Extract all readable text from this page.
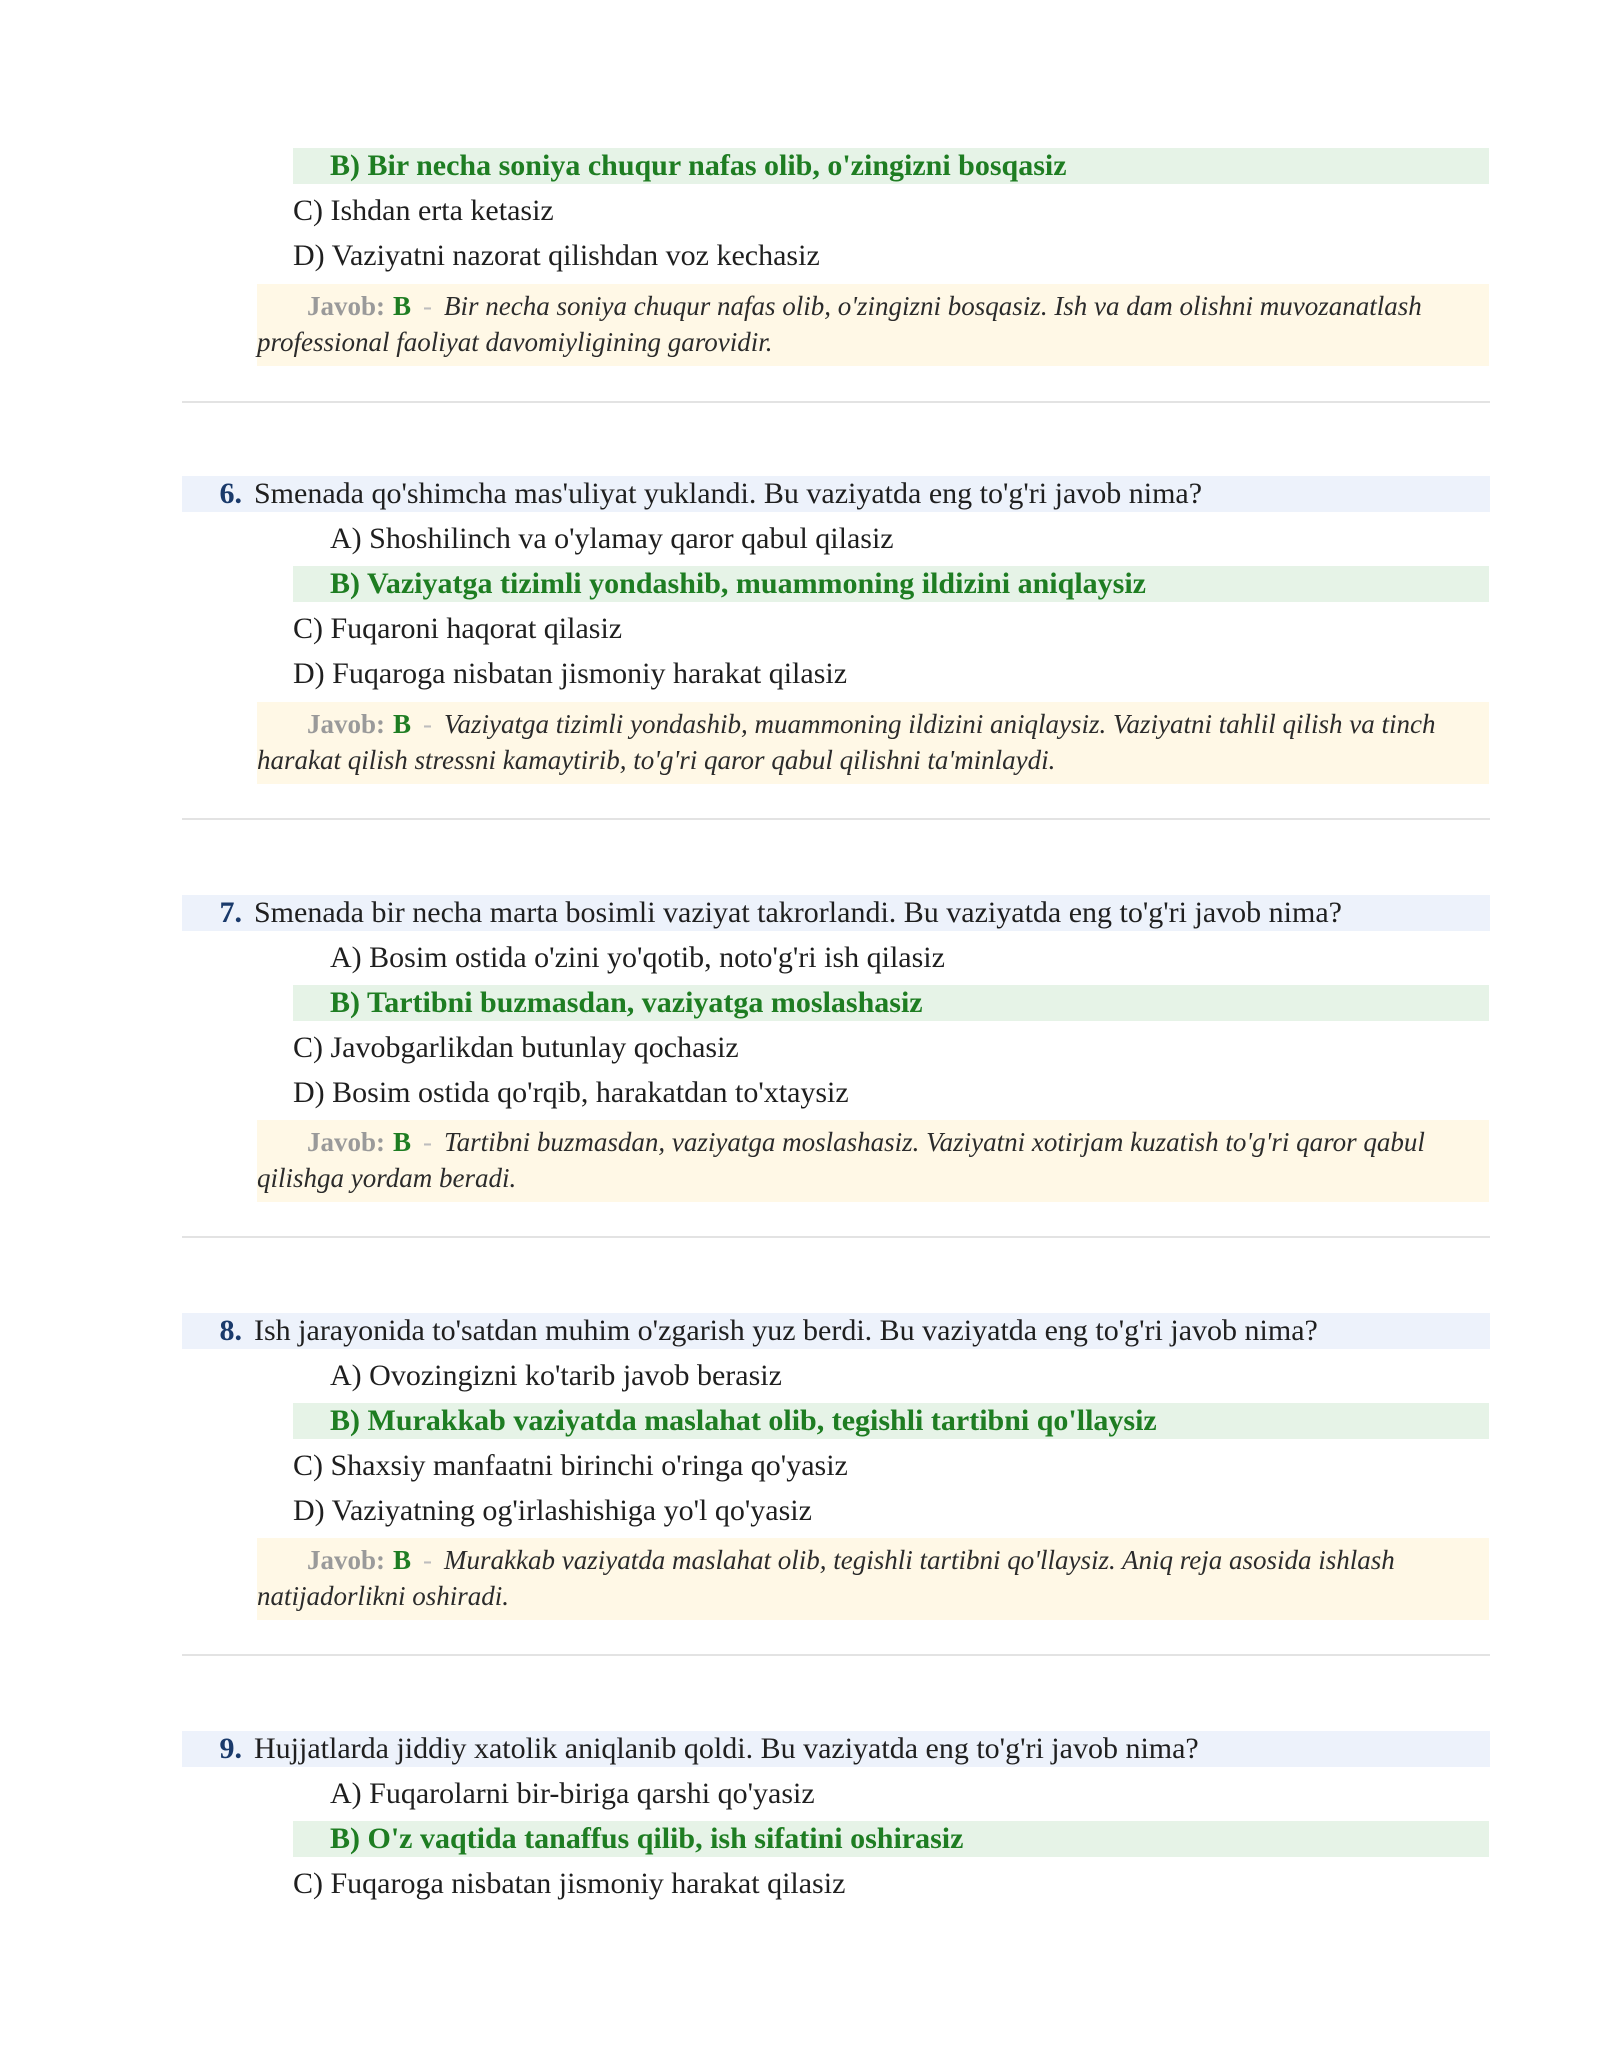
B) Bir necha soniya chuqur nafas olib, o'zingizni bosqasiz
C) Ishdan erta ketasiz
D) Vaziyatni nazorat qilishdan voz kechasiz
Javob: B - Bir necha soniya chuqur nafas olib, o'zingizni bosqasiz. Ish va dam olishni muvozanatlash professional faoliyat davomiyligining garovidir.
6. Smenada qo'shimcha mas'uliyat yuklandi. Bu vaziyatda eng to'g'ri javob nima?
A) Shoshilinch va o'ylamay qaror qabul qilasiz
B) Vaziyatga tizimli yondashib, muammoning ildizini aniqlaysiz
C) Fuqaroni haqorat qilasiz
D) Fuqaroga nisbatan jismoniy harakat qilasiz
Javob: B - Vaziyatga tizimli yondashib, muammoning ildizini aniqlaysiz. Vaziyatni tahlil qilish va tinch harakat qilish stressni kamaytirib, to'g'ri qaror qabul qilishni ta'minlaydi.
7. Smenada bir necha marta bosimli vaziyat takrorlandi. Bu vaziyatda eng to'g'ri javob nima?
A) Bosim ostida o'zini yo'qotib, noto'g'ri ish qilasiz
B) Tartibni buzmasdan, vaziyatga moslashasiz
C) Javobgarlikdan butunlay qochasiz
D) Bosim ostida qo'rqib, harakatdan to'xtaysiz
Javob: B - Tartibni buzmasdan, vaziyatga moslashasiz. Vaziyatni xotirjam kuzatish to'g'ri qaror qabul qilishga yordam beradi.
8. Ish jarayonida to'satdan muhim o'zgarish yuz berdi. Bu vaziyatda eng to'g'ri javob nima?
A) Ovozingizni ko'tarib javob berasiz
B) Murakkab vaziyatda maslahat olib, tegishli tartibni qo'llaysiz
C) Shaxsiy manfaatni birinchi o'ringa qo'yasiz
D) Vaziyatning og'irlashishiga yo'l qo'yasiz
Javob: B - Murakkab vaziyatda maslahat olib, tegishli tartibni qo'llaysiz. Aniq reja asosida ishlash natijadorlikni oshiradi.
9. Hujjatlarda jiddiy xatolik aniqlanib qoldi. Bu vaziyatda eng to'g'ri javob nima?
A) Fuqarolarni bir-biriga qarshi qo'yasiz
B) O'z vaqtida tanaffus qilib, ish sifatini oshirasiz
C) Fuqaroga nisbatan jismoniy harakat qilasiz
